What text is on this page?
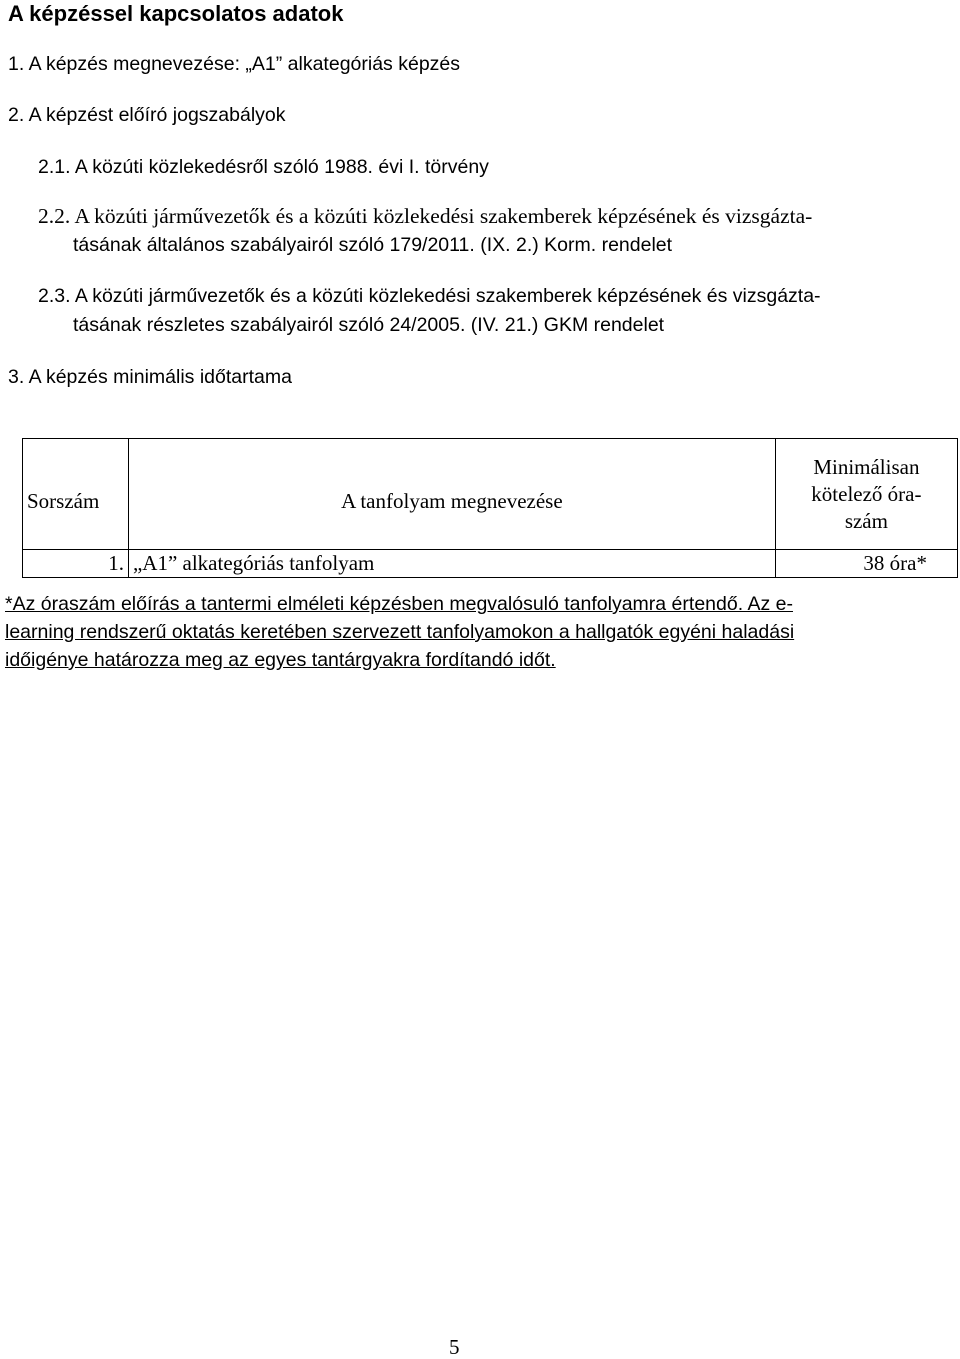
A képzéssel kapcsolatos adatok
1. A képzés megnevezése: „A1” alkategóriás képzés
2. A képzést előíró jogszabályok
2.1. A közúti közlekedésről szóló 1988. évi I. törvény
2.2. A közúti járművezetők és a közúti közlekedési szakemberek képzésének és vizsgázta-
tásának általános szabályairól szóló 179/2011. (IX. 2.) Korm. rendelet
2.3. A közúti járművezetők és a közúti közlekedési szakemberek képzésének és vizsgázta-
tásának részletes szabályairól szóló 24/2005. (IV. 21.) GKM rendelet
3. A képzés minimális időtartama
Sorszám	A tanfolyam megnevezése	Minimálisan
kötelező óra-
szám

1.	„A1” alkategóriás tanfolyam	38 óra*
*Az óraszám előírás a tantermi elméleti képzésben megvalósuló tanfolyamra értendő. Az e-
learning rendszerű oktatás keretében szervezett tanfolyamokon a hallgatók egyéni haladási
időigénye határozza meg az egyes tantárgyakra fordítandó időt.
5
